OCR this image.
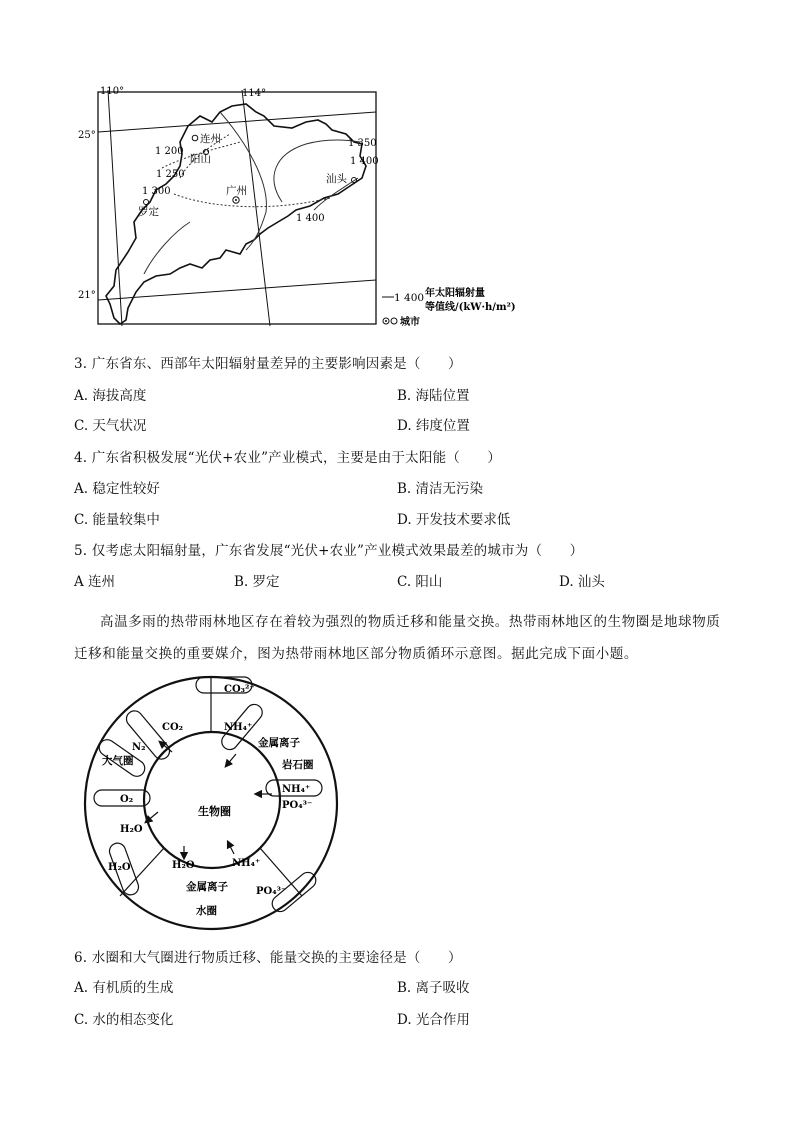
110°	114°
25°
21°
1 200
1 250
1 300
1 350
1 400
1 400
连州
阳山
广州
罗定
汕头
1 400 年太阳辐射量
等值线/(kW·h/m²)
城市
3. 广东省东、西部年太阳辐射量差异的主要影响因素是（　　）
A. 海拔高度	B. 海陆位置
C. 天气状况	D. 纬度位置
4. 广东省积极发展“光伏+农业”产业模式，主要是由于太阳能（　　）
A. 稳定性较好	B. 清洁无污染
C. 能量较集中	D. 开发技术要求低
5. 仅考虑太阳辐射量，广东省发展“光伏+农业”产业模式效果最差的城市为（　　）
A 连州	B. 罗定	C. 阳山	D. 汕头
高温多雨的热带雨林地区存在着较为强烈的物质迁移和能量交换。热带雨林地区的生物圈是地球物质
迁移和能量交换的重要媒介，图为热带雨林地区部分物质循环示意图。据此完成下面小题。
生物圈
大气圈	岩石圈
水圈
金属离子
金属离子
CO₃²⁻
CO₂
N₂
O₂
H₂O
H₂O	H₂O
NH₄⁺
NH₄⁺
PO₄³⁻
NH₄⁺
PO₄³⁻
6. 水圈和大气圈进行物质迁移、能量交换的主要途径是（　　）
A. 有机质的生成	B. 离子吸收
C. 水的相态变化	D. 光合作用
